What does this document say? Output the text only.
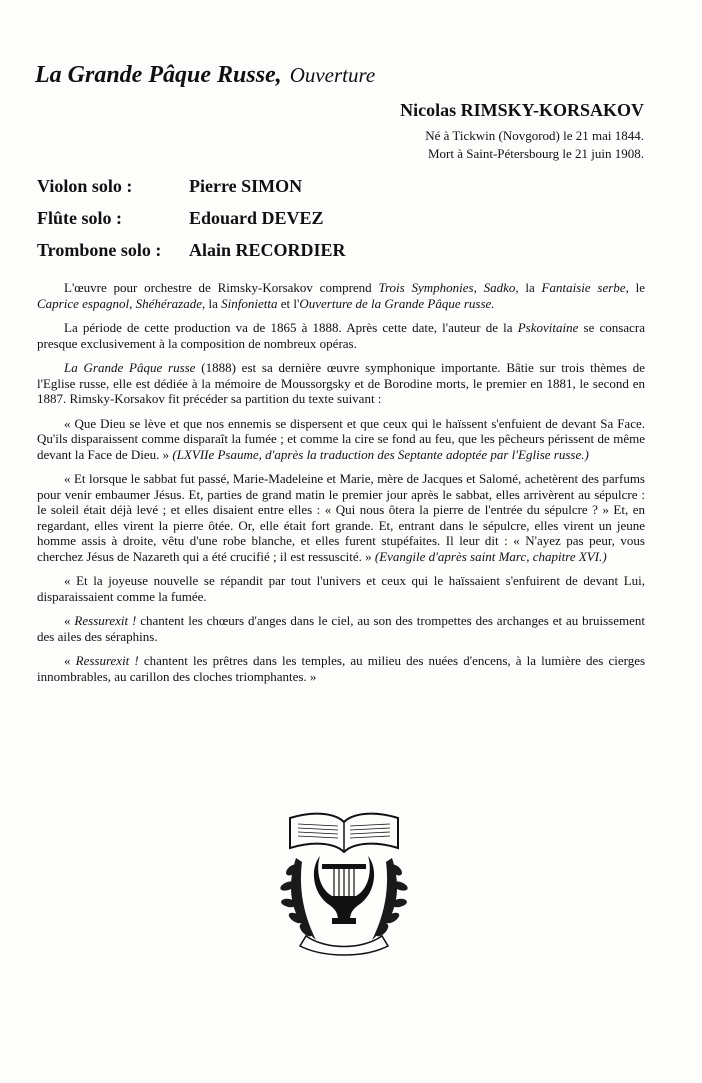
La Grande Pâque Russe, Ouverture
Nicolas RIMSKY-KORSAKOV
Né à Tickwin (Novgorod) le 21 mai 1844.
Mort à Saint-Pétersbourg le 21 juin 1908.
Violon solo :	Pierre SIMON
Flûte solo :	Edouard DEVEZ
Trombone solo :	Alain RECORDIER

L'œuvre pour orchestre de Rimsky-Korsakov comprend Trois Symphonies, Sadko, la Fantaisie serbe, le Caprice espagnol, Shéhérazade, la Sinfonietta et l'Ouverture de la Grande Pâque russe.

La période de cette production va de 1865 à 1888. Après cette date, l'auteur de la Pskovitaine se consacra presque exclusivement à la composition de nombreux opéras.

La Grande Pâque russe (1888) est sa dernière œuvre symphonique importante. Bâtie sur trois thèmes de l'Eglise russe, elle est dédiée à la mémoire de Moussorgsky et de Borodine morts, le premier en 1881, le second en 1887. Rimsky-Korsakov fit précéder sa partition du texte suivant :

« Que Dieu se lève et que nos ennemis se dispersent et que ceux qui le haïssent s'enfuient de devant Sa Face. Qu'ils disparaissent comme disparaît la fumée ; et comme la cire se fond au feu, que les pêcheurs périssent de même devant la Face de Dieu. » (LXVIIe Psaume, d'après la traduction des Septante adoptée par l'Eglise russe.)

« Et lorsque le sabbat fut passé, Marie-Madeleine et Marie, mère de Jacques et Salomé, achetèrent des parfums pour venir embaumer Jésus. Et, parties de grand matin le premier jour après le sabbat, elles arrivèrent au sépulcre : le soleil était déjà levé ; et elles disaient entre elles : « Qui nous ôtera la pierre de l'entrée du sépulcre ? » Et, en regardant, elles virent la pierre ôtée. Or, elle était fort grande. Et, entrant dans le sépulcre, elles virent un jeune homme assis à droite, vêtu d'une robe blanche, et elles furent stupéfaites. Il leur dit : « N'ayez pas peur, vous cherchez Jésus de Nazareth qui a été crucifié ; il est ressuscité. » (Evangile d'après saint Marc, chapitre XVI.)

« Et la joyeuse nouvelle se répandit par tout l'univers et ceux qui le haïssaient s'enfuirent de devant Lui, disparaissaient comme la fumée.

« Ressurexit ! chantent les chœurs d'anges dans le ciel, au son des trompettes des archanges et au bruissement des ailes des séraphins.

« Ressurexit ! chantent les prêtres dans les temples, au milieu des nuées d'encens, à la lumière des cierges innombrables, au carillon des cloches triomphantes. »
